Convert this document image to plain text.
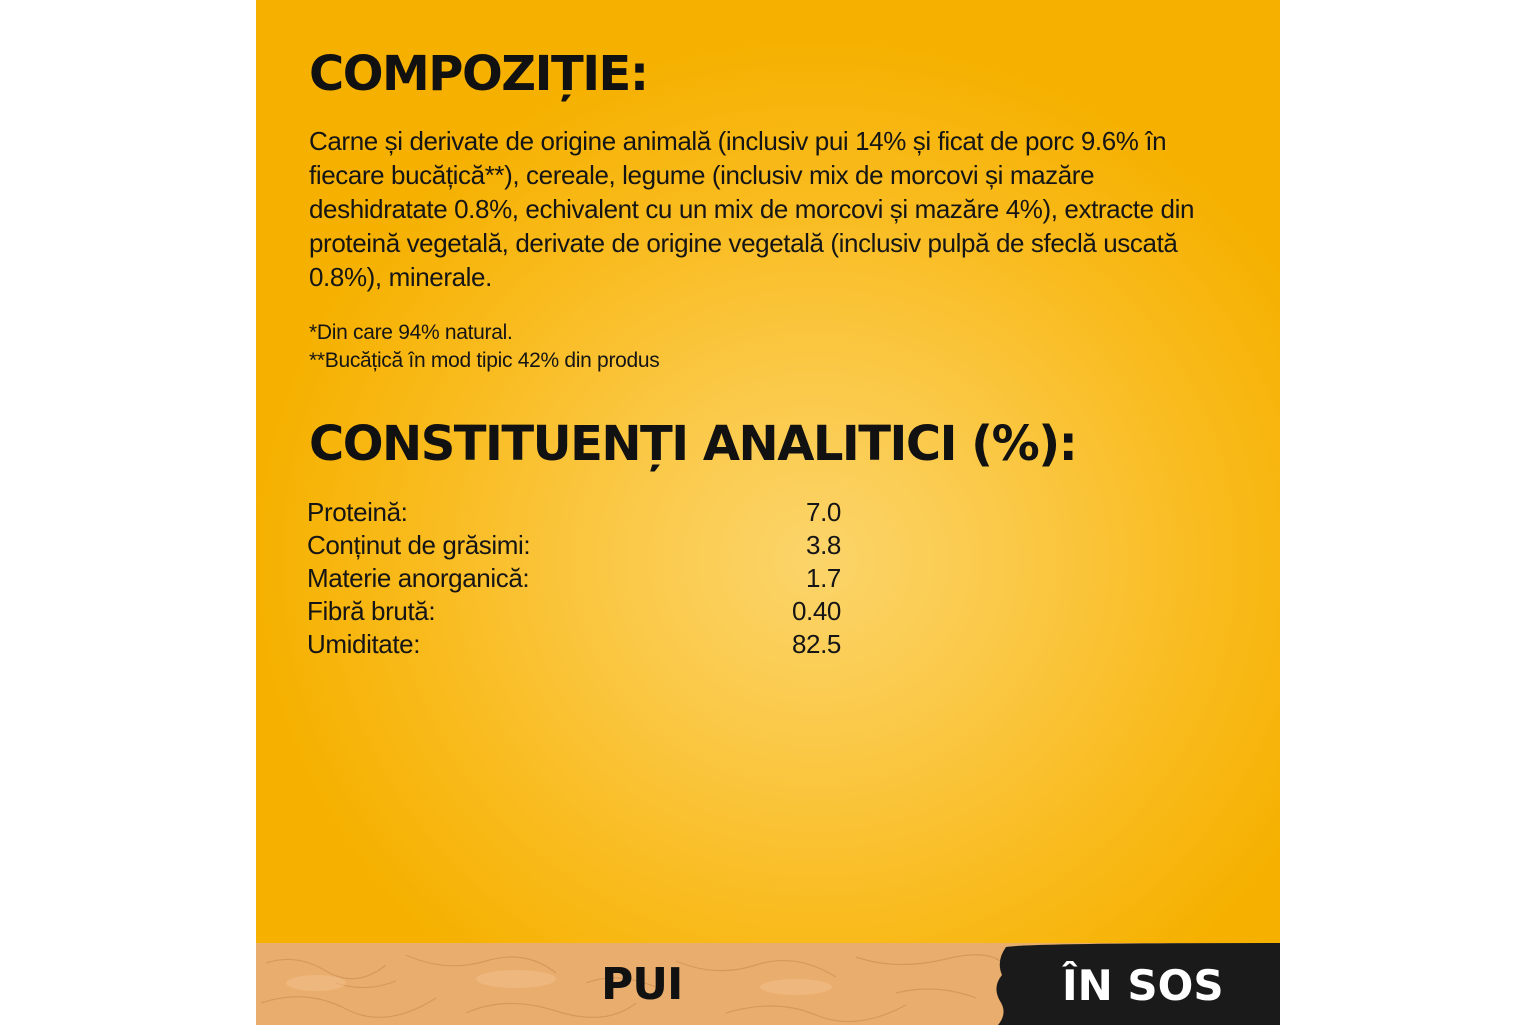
COMPOZIȚIE:

Carne și derivate de origine animală (inclusiv pui 14% și ficat de porc 9.6% în fiecare bucățică**), cereale, legume (inclusiv mix de morcovi și mazăre deshidratate 0.8%, echivalent cu un mix de morcovi și mazăre 4%), extracte din proteină vegetală, derivate de origine vegetală (inclusiv pulpă de sfeclă uscată 0.8%), minerale.

*Din care 94% natural.
**Bucățică în mod tipic 42% din produs
CONSTITUENȚI ANALITICI (%):
Proteină:	7.0
Conținut de grăsimi:	3.8
Materie anorganică:	1.7
Fibră brută:	0.40
Umiditate:	82.5
PUI	ÎN SOS
